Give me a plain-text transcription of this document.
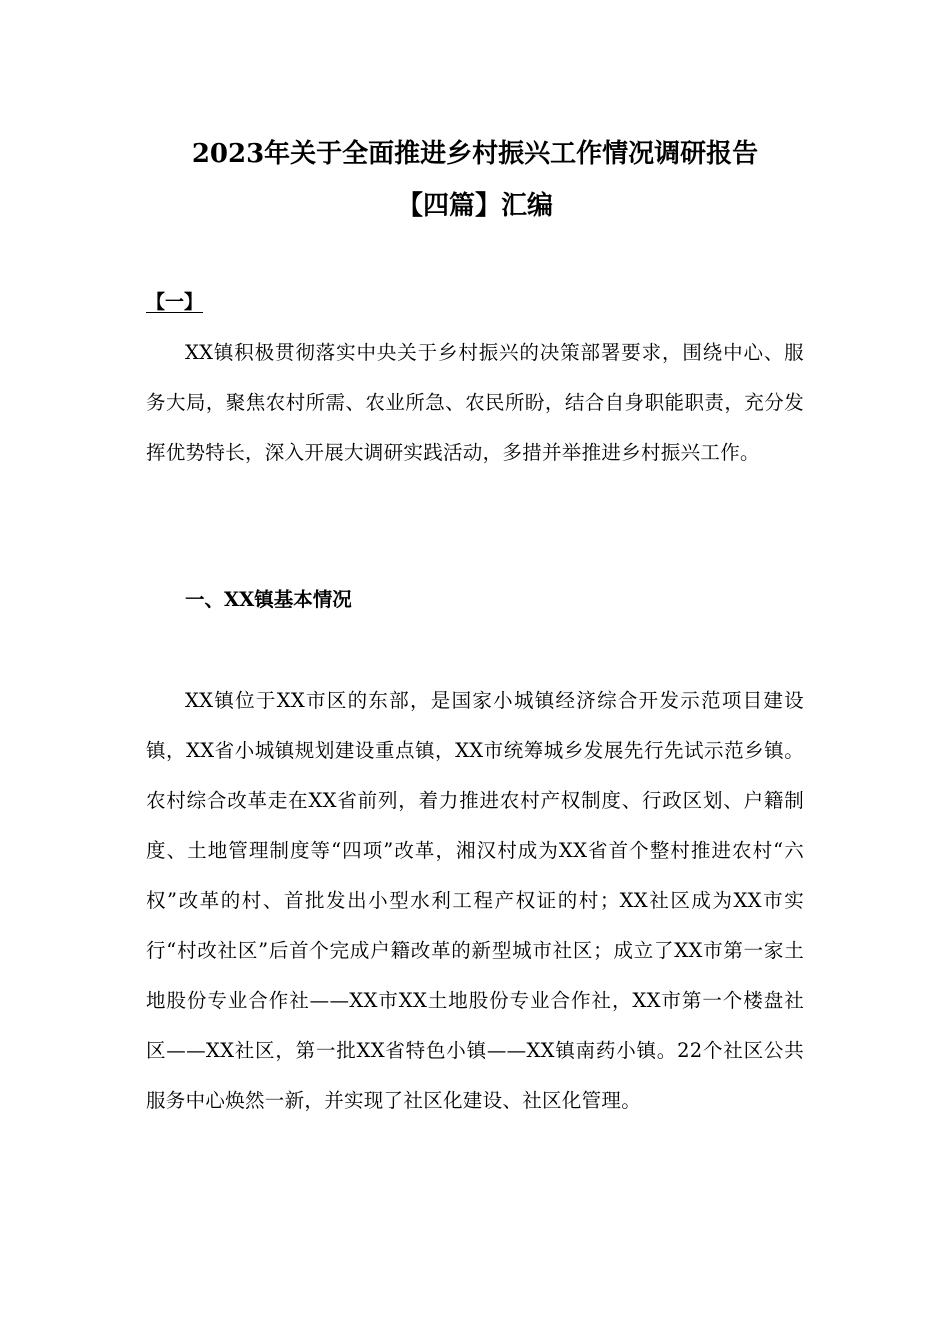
2023年关于全面推进乡村振兴工作情况调研报告
【四篇】汇编
【一】

XX镇积极贯彻落实中央关于乡村振兴的决策部署要求，围绕中心、服务大局，聚焦农村所需、农业所急、农民所盼，结合自身职能职责，充分发挥优势特长，深入开展大调研实践活动，多措并举推进乡村振兴工作。

一、XX镇基本情况

XX镇位于XX市区的东部，是国家小城镇经济综合开发示范项目建设镇，XX省小城镇规划建设重点镇，XX市统筹城乡发展先行先试示范乡镇。农村综合改革走在XX省前列，着力推进农村产权制度、行政区划、户籍制度、土地管理制度等“四项”改革，湘汉村成为XX省首个整村推进农村“六权”改革的村、首批发出小型水利工程产权证的村；XX社区成为XX市实行“村改社区”后首个完成户籍改革的新型城市社区；成立了XX市第一家土地股份专业合作社——XX市XX土地股份专业合作社，XX市第一个楼盘社区——XX社区，第一批XX省特色小镇——XX镇南药小镇。22个社区公共服务中心焕然一新，并实现了社区化建设、社区化管理。
